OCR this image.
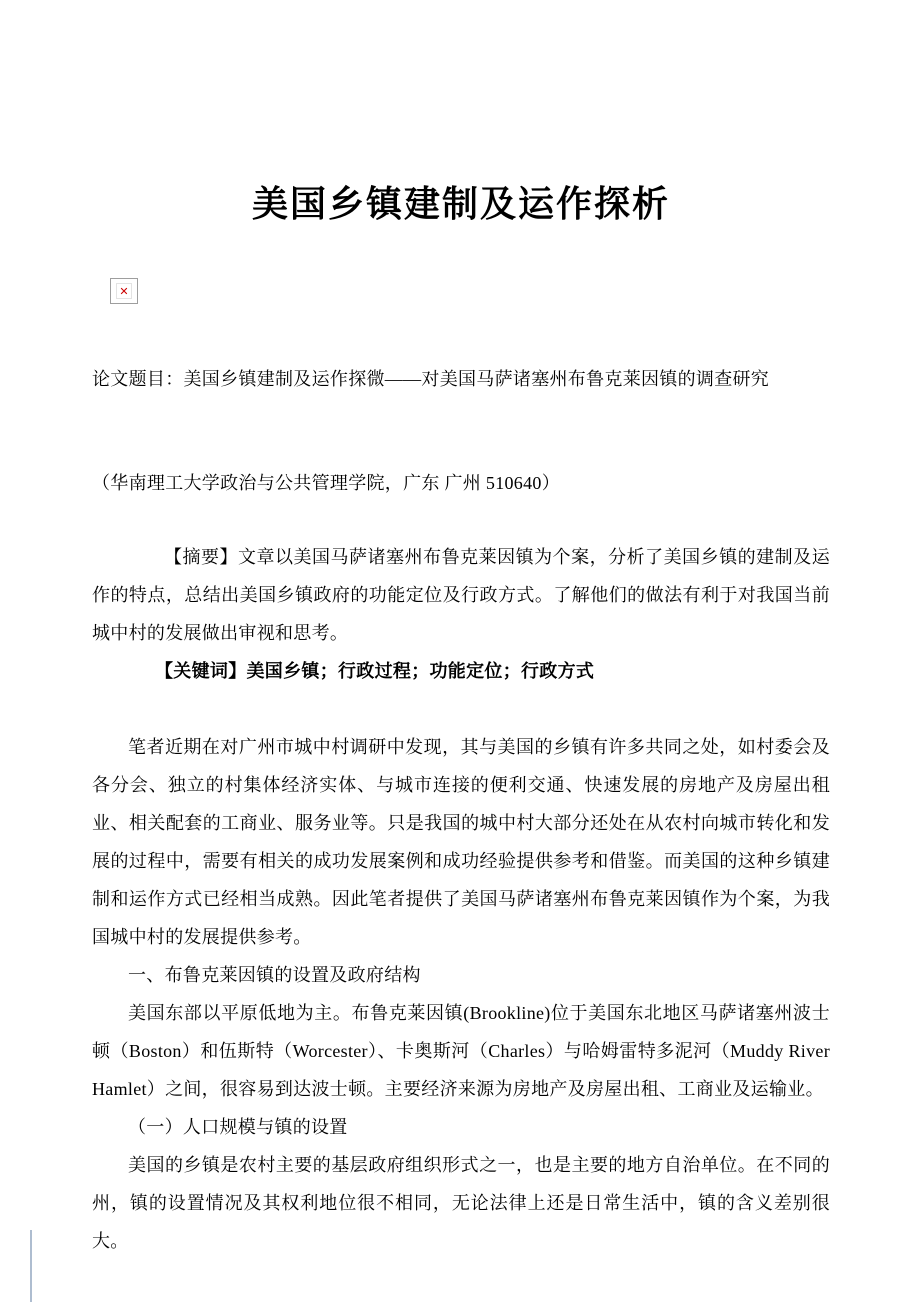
美国乡镇建制及运作探析
✕

论文题目：美国乡镇建制及运作探微——对美国马萨诸塞州布鲁克莱因镇的调查研究

（华南理工大学政治与公共管理学院，广东 广州 510640）

【摘要】文章以美国马萨诸塞州布鲁克莱因镇为个案，分析了美国乡镇的建制及运作的特点，总结出美国乡镇政府的功能定位及行政方式。了解他们的做法有利于对我国当前城中村的发展做出审视和思考。

【关键词】美国乡镇；行政过程；功能定位；行政方式

笔者近期在对广州市城中村调研中发现，其与美国的乡镇有许多共同之处，如村委会及各分会、独立的村集体经济实体、与城市连接的便利交通、快速发展的房地产及房屋出租业、相关配套的工商业、服务业等。只是我国的城中村大部分还处在从农村向城市转化和发展的过程中，需要有相关的成功发展案例和成功经验提供参考和借鉴。而美国的这种乡镇建制和运作方式已经相当成熟。因此笔者提供了美国马萨诸塞州布鲁克莱因镇作为个案，为我国城中村的发展提供参考。

一、布鲁克莱因镇的设置及政府结构

美国东部以平原低地为主。布鲁克莱因镇(Brookline)位于美国东北地区马萨诸塞州波士顿（Boston）和伍斯特（Worcester）、卡奥斯河（Charles）与哈姆雷特多泥河（Muddy River Hamlet）之间，很容易到达波士顿。主要经济来源为房地产及房屋出租、工商业及运输业。

（一）人口规模与镇的设置

美国的乡镇是农村主要的基层政府组织形式之一，也是主要的地方自治单位。在不同的州，镇的设置情况及其权利地位很不相同，无论法律上还是日常生活中，镇的含义差别很大。
